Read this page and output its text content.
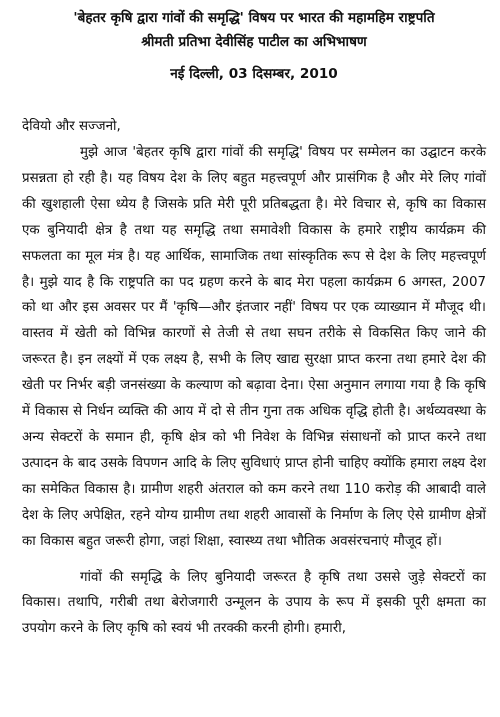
'बेहतर कृषि द्वारा गांवों की समृद्धि' विषय पर भारत की महामहिम राष्ट्रपति

श्रीमती प्रतिभा देवीसिंह पाटील का अभिभाषण

नई दिल्ली, 03 दिसम्बर, 2010

देवियो और सज्जनो,

मुझे आज 'बेहतर कृषि द्वारा गांवों की समृद्धि' विषय पर सम्मेलन का उद्घाटन करके प्रसन्नता हो रही है। यह विषय देश के लिए बहुत महत्त्वपूर्ण और प्रासंगिक है और मेरे लिए गांवों की खुशहाली ऐसा ध्येय है जिसके प्रति मेरी पूरी प्रतिबद्धता है। मेरे विचार से, कृषि का विकास एक बुनियादी क्षेत्र है तथा यह समृद्धि तथा समावेशी विकास के हमारे राष्ट्रीय कार्यक्रम की सफलता का मूल मंत्र है। यह आर्थिक, सामाजिक तथा सांस्कृतिक रूप से देश के लिए महत्त्वपूर्ण है। मुझे याद है कि राष्ट्रपति का पद ग्रहण करने के बाद मेरा पहला कार्यक्रम 6 अगस्त, 2007 को था और इस अवसर पर मैं 'कृषि—और इंतजार नहीं' विषय पर एक व्याख्यान में मौजूद थी। वास्तव में खेती को विभिन्न कारणों से तेजी से तथा सघन तरीके से विकसित किए जाने की जरूरत है। इन लक्ष्यों में एक लक्ष्य है, सभी के लिए खाद्य सुरक्षा प्राप्त करना तथा हमारे देश की खेती पर निर्भर बड़ी जनसंख्या के कल्याण को बढ़ावा देना। ऐसा अनुमान लगाया गया है कि कृषि में विकास से निर्धन व्यक्ति की आय में दो से तीन गुना तक अधिक वृद्धि होती है। अर्थव्यवस्था के अन्य सेक्टरों के समान ही, कृषि क्षेत्र को भी निवेश के विभिन्न संसाधनों को प्राप्त करने तथा उत्पादन के बाद उसके विपणन आदि के लिए सुविधाएं प्राप्त होनी चाहिए क्योंकि हमारा लक्ष्य देश का समेकित विकास है। ग्रामीण शहरी अंतराल को कम करने तथा 110 करोड़ की आबादी वाले देश के लिए अपेक्षित, रहने योग्य ग्रामीण तथा शहरी आवासों के निर्माण के लिए ऐसे ग्रामीण क्षेत्रों का विकास बहुत जरूरी होगा, जहां शिक्षा, स्वास्थ्य तथा भौतिक अवसंरचनाएं मौजूद हों।

गांवों की समृद्धि के लिए बुनियादी जरूरत है कृषि तथा उससे जुड़े सेक्टरों का विकास। तथापि, गरीबी तथा बेरोजगारी उन्मूलन के उपाय के रूप में इसकी पूरी क्षमता का उपयोग करने के लिए कृषि को स्वयं भी तरक्की करनी होगी। हमारी,
